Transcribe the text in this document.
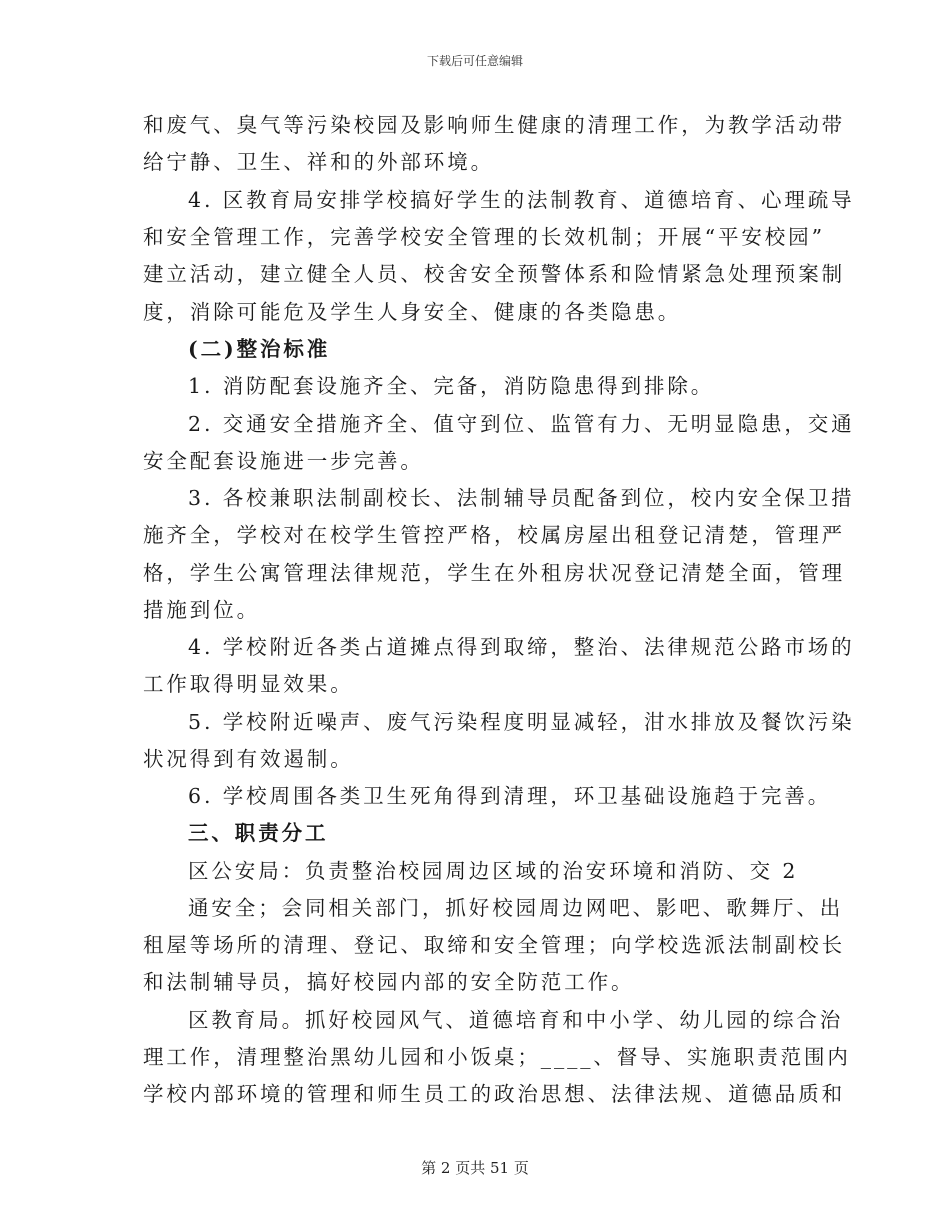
下载后可任意编辑
和废气、臭气等污染校园及影响师生健康的清理工作，为教学活动带
给宁静、卫生、祥和的外部环境。
4. 区教育局安排学校搞好学生的法制教育、道德培育、心理疏导
和安全管理工作，完善学校安全管理的长效机制；开展“平安校园”
建立活动，建立健全人员、校舍安全预警体系和险情紧急处理预案制
度，消除可能危及学生人身安全、健康的各类隐患。
(二)整治标准
1. 消防配套设施齐全、完备，消防隐患得到排除。
2. 交通安全措施齐全、值守到位、监管有力、无明显隐患，交通
安全配套设施进一步完善。
3. 各校兼职法制副校长、法制辅导员配备到位，校内安全保卫措
施齐全，学校对在校学生管控严格，校属房屋出租登记清楚，管理严
格，学生公寓管理法律规范，学生在外租房状况登记清楚全面，管理
措施到位。
4. 学校附近各类占道摊点得到取缔，整治、法律规范公路市场的
工作取得明显效果。
5. 学校附近噪声、废气污染程度明显减轻，泔水排放及餐饮污染
状况得到有效遏制。
6. 学校周围各类卫生死角得到清理，环卫基础设施趋于完善。
三、职责分工
区公安局：负责整治校园周边区域的治安环境和消防、交 2
通安全；会同相关部门，抓好校园周边网吧、影吧、歌舞厅、出
租屋等场所的清理、登记、取缔和安全管理；向学校选派法制副校长
和法制辅导员，搞好校园内部的安全防范工作。
区教育局。抓好校园风气、道德培育和中小学、幼儿园的综合治
理工作，清理整治黑幼儿园和小饭桌；____、督导、实施职责范围内
学校内部环境的管理和师生员工的政治思想、法律法规、道德品质和
第 2 页共 51 页
